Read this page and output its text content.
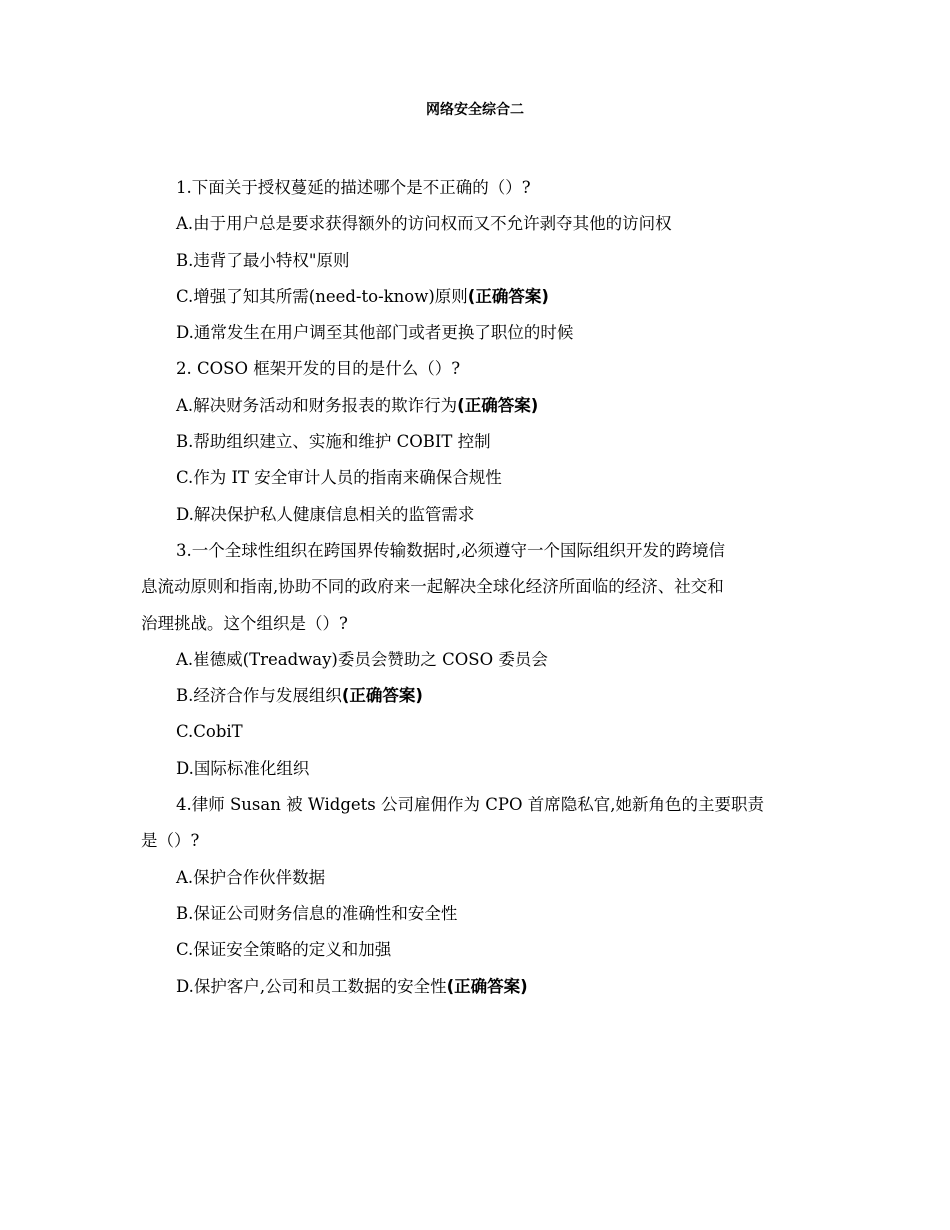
网络安全综合二
1.下面关于授权蔓延的描述哪个是不正确的（）?
A.由于用户总是要求获得额外的访问权而又不允许剥夺其他的访问权
B.违背了最小特权"原则
C.增强了知其所需(need-to-know)原则(正确答案)
D.通常发生在用户调至其他部门或者更换了职位的时候
2. COSO 框架开发的目的是什么（）?
A.解决财务活动和财务报表的欺诈行为(正确答案)
B.帮助组织建立、实施和维护 COBIT 控制
C.作为 IT 安全审计人员的指南来确保合规性
D.解决保护私人健康信息相关的监管需求
3.一个全球性组织在跨国界传输数据时,必须遵守一个国际组织开发的跨境信
息流动原则和指南,协助不同的政府来一起解决全球化经济所面临的经济、社交和
治理挑战。这个组织是（）?
A.崔德威(Treadway)委员会赞助之 COSO 委员会
B.经济合作与发展组织(正确答案)
C.CobiT
D.国际标准化组织
4.律师 Susan 被 Widgets 公司雇佣作为 CPO 首席隐私官,她新角色的主要职责
是（）?
A.保护合作伙伴数据
B.保证公司财务信息的准确性和安全性
C.保证安全策略的定义和加强
D.保护客户,公司和员工数据的安全性(正确答案)
